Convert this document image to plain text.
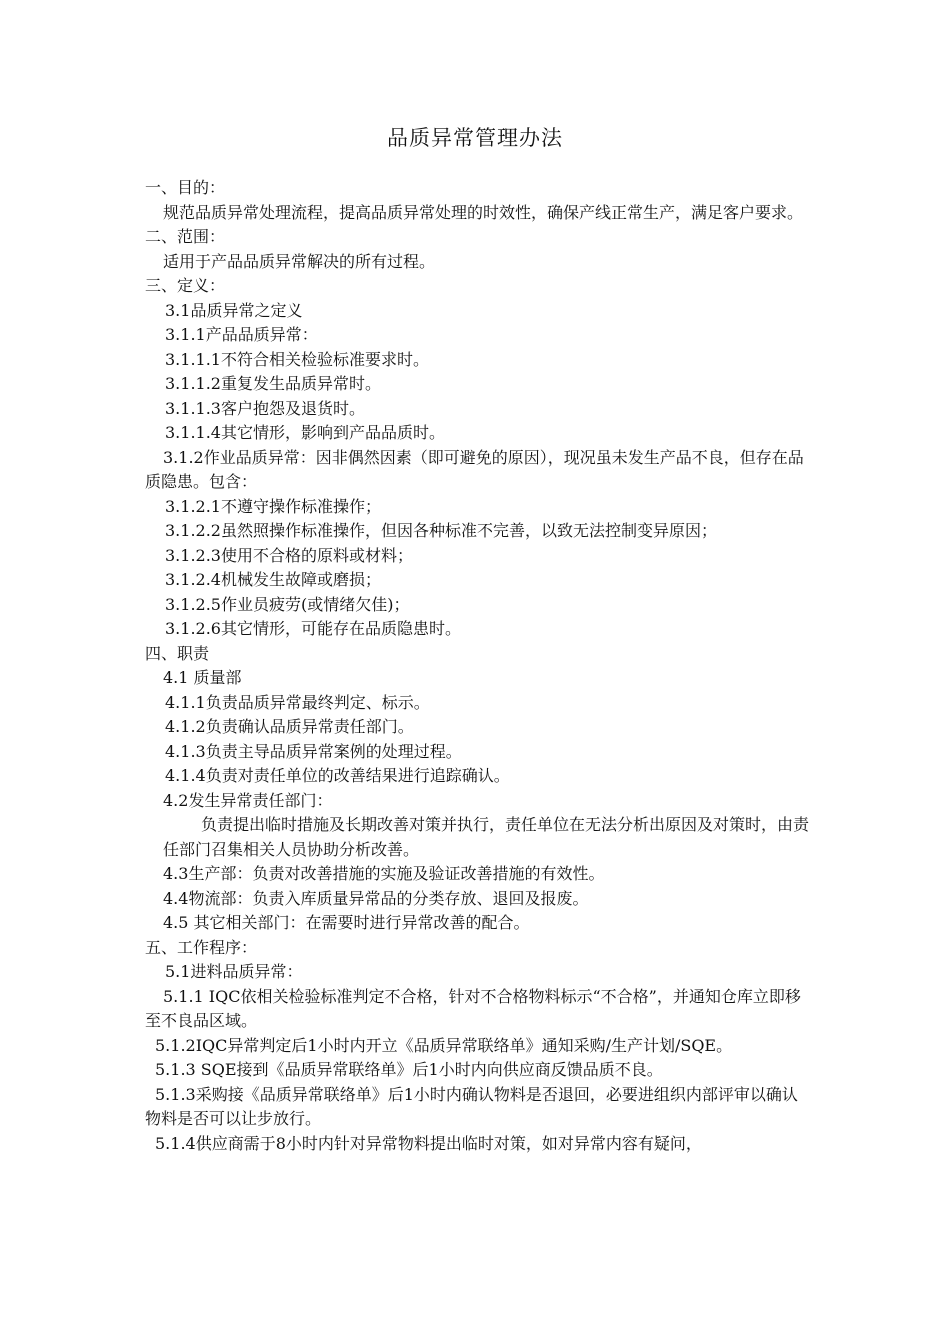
品质异常管理办法
一、目的：
规范品质异常处理流程，提高品质异常处理的时效性，确保产线正常生产，满足客户要求。
二、范围：
适用于产品品质异常解决的所有过程。
三、定义：
3.1品质异常之定义
3.1.1产品品质异常：
3.1.1.1不符合相关检验标准要求时。
3.1.1.2重复发生品质异常时。
3.1.1.3客户抱怨及退货时。
3.1.1.4其它情形，影响到产品品质时。
3.1.2作业品质异常：因非偶然因素（即可避免的原因），现况虽未发生产品不良，但存在品质隐患。包含：
3.1.2.1不遵守操作标准操作；
3.1.2.2虽然照操作标准操作，但因各种标准不完善，以致无法控制变异原因；
3.1.2.3使用不合格的原料或材料；
3.1.2.4机械发生故障或磨损；
3.1.2.5作业员疲劳(或情绪欠佳)；
3.1.2.6其它情形，可能存在品质隐患时。
四、职责
4.1 质量部
4.1.1负责品质异常最终判定、标示。
4.1.2负责确认品质异常责任部门。
4.1.3负责主导品质异常案例的处理过程。
4.1.4负责对责任单位的改善结果进行追踪确认。
4.2发生异常责任部门：
负责提出临时措施及长期改善对策并执行，责任单位在无法分析出原因及对策时，由责任部门召集相关人员协助分析改善。
4.3生产部：负责对改善措施的实施及验证改善措施的有效性。
4.4物流部：负责入库质量异常品的分类存放、退回及报废。
4.5 其它相关部门：在需要时进行异常改善的配合。
五、工作程序：
5.1进料品质异常：
5.1.1 IQC依相关检验标准判定不合格，针对不合格物料标示“不合格”，并通知仓库立即移至不良品区域。
5.1.2IQC异常判定后1小时内开立《品质异常联络单》通知采购/生产计划/SQE。
5.1.3 SQE接到《品质异常联络单》后1小时内向供应商反馈品质不良。
5.1.3采购接《品质异常联络单》后1小时内确认物料是否退回，必要进组织内部评审以确认物料是否可以让步放行。
5.1.4供应商需于8小时内针对异常物料提出临时对策，如对异常内容有疑问，
